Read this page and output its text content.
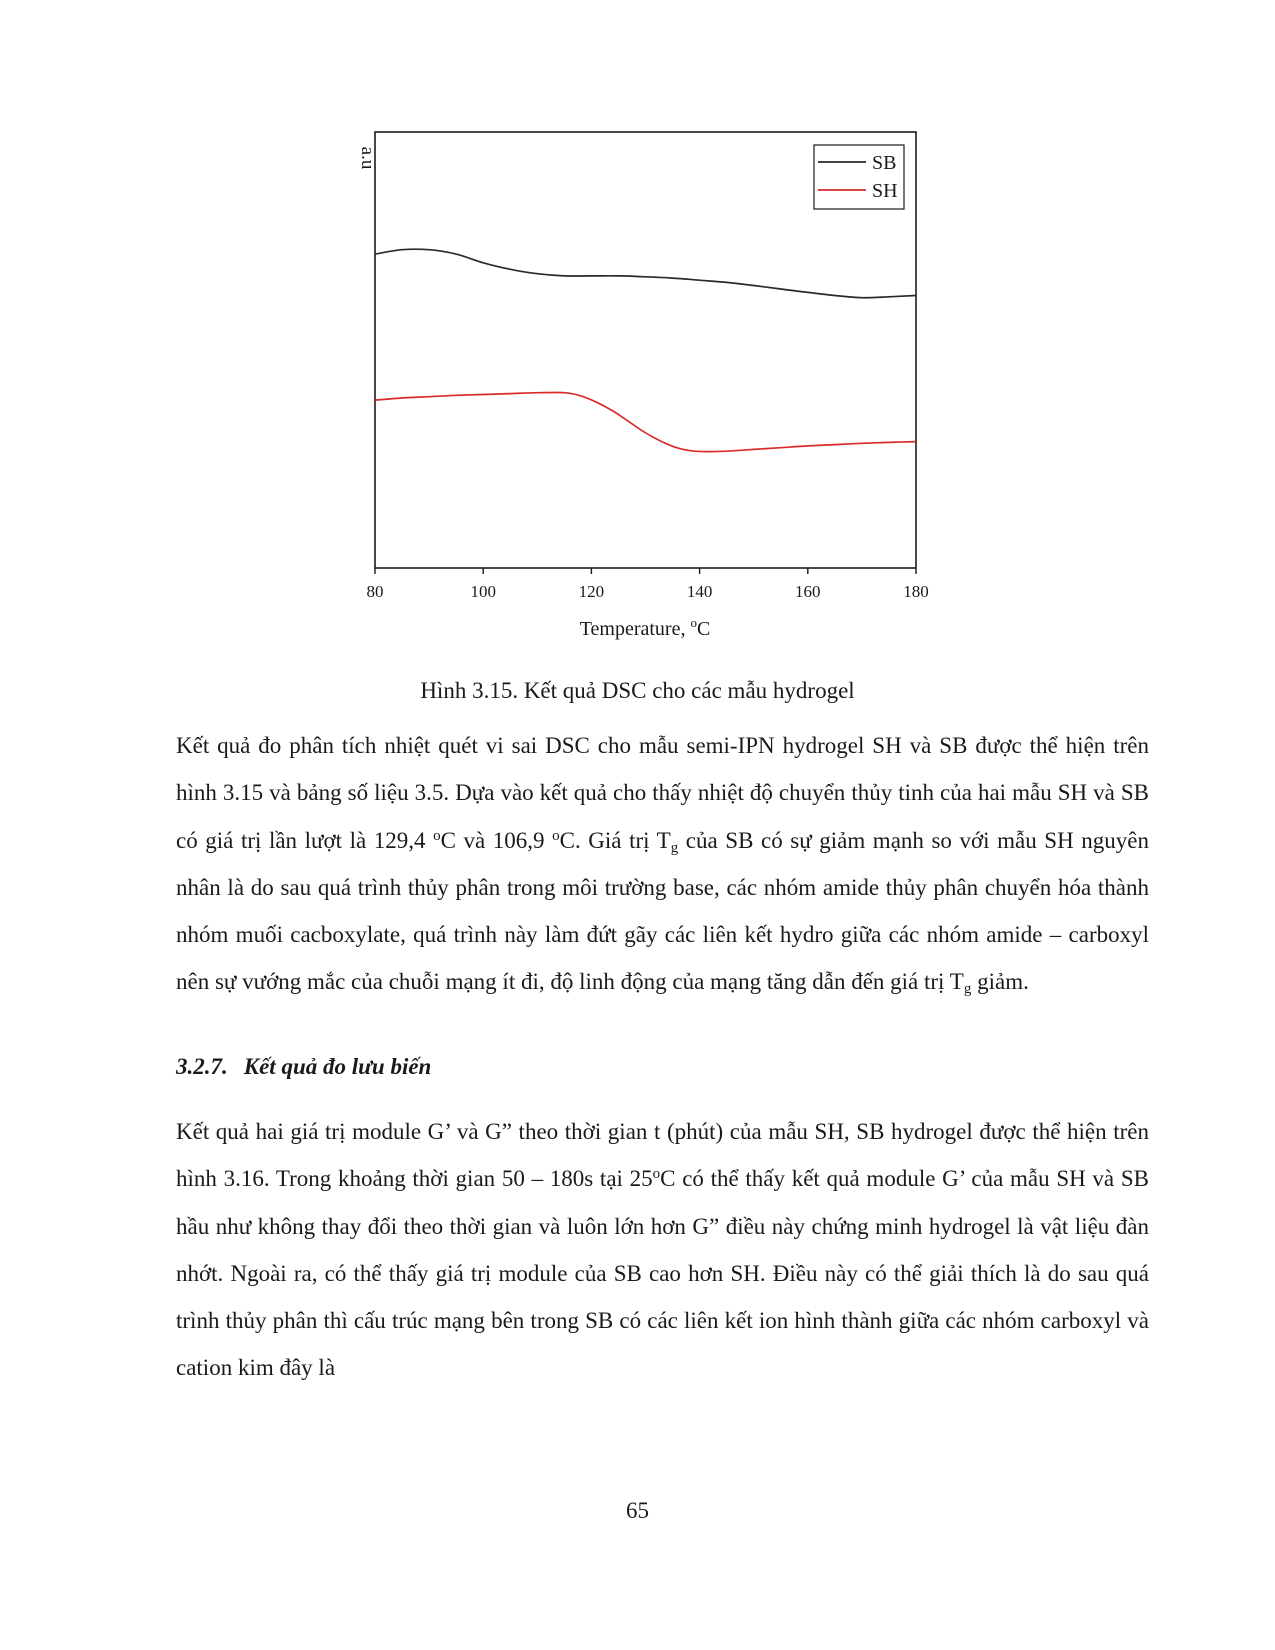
80	100	120	140	160	180
SB
SH
a.u
Temperature, $^o$C
Hình 3.15. Kết quả DSC cho các mẫu hydrogel

Kết quả đo phân tích nhiệt quét vi sai DSC cho mẫu semi-IPN hydrogel SH và SB được thể hiện trên hình 3.15 và bảng số liệu 3.5. Dựa vào kết quả cho thấy nhiệt độ chuyển thủy tinh của hai mẫu SH và SB có giá trị lần lượt là 129,4 $^o$C và 106,9 $^o$C. Giá trị $T_g$ của SB có sự giảm mạnh so với mẫu SH nguyên nhân là do sau quá trình thủy phân trong môi trường base, các nhóm amide thủy phân chuyển hóa thành nhóm muối cacboxylate, quá trình này làm đứt gãy các liên kết hydro giữa các nhóm amide – carboxyl nên sự vướng mắc của chuỗi mạng ít đi, độ linh động của mạng tăng dẫn đến giá trị $T_g$ giảm.

3.2.7. Kết quả đo lưu biến

Kết quả hai giá trị module G’ và G” theo thời gian t (phút) của mẫu SH, SB hydrogel được thể hiện trên hình 3.16. Trong khoảng thời gian 50 – 180s tại 25$^o$C có thể thấy kết quả module G’ của mẫu SH và SB hầu như không thay đổi theo thời gian và luôn lớn hơn G” điều này chứng minh hydrogel là vật liệu đàn nhớt. Ngoài ra, có thể thấy giá trị module của SB cao hơn SH. Điều này có thể giải thích là do sau quá trình thủy phân thì cấu trúc mạng bên trong SB có các liên kết ion hình thành giữa các nhóm carboxyl và cation kim đây là

65
